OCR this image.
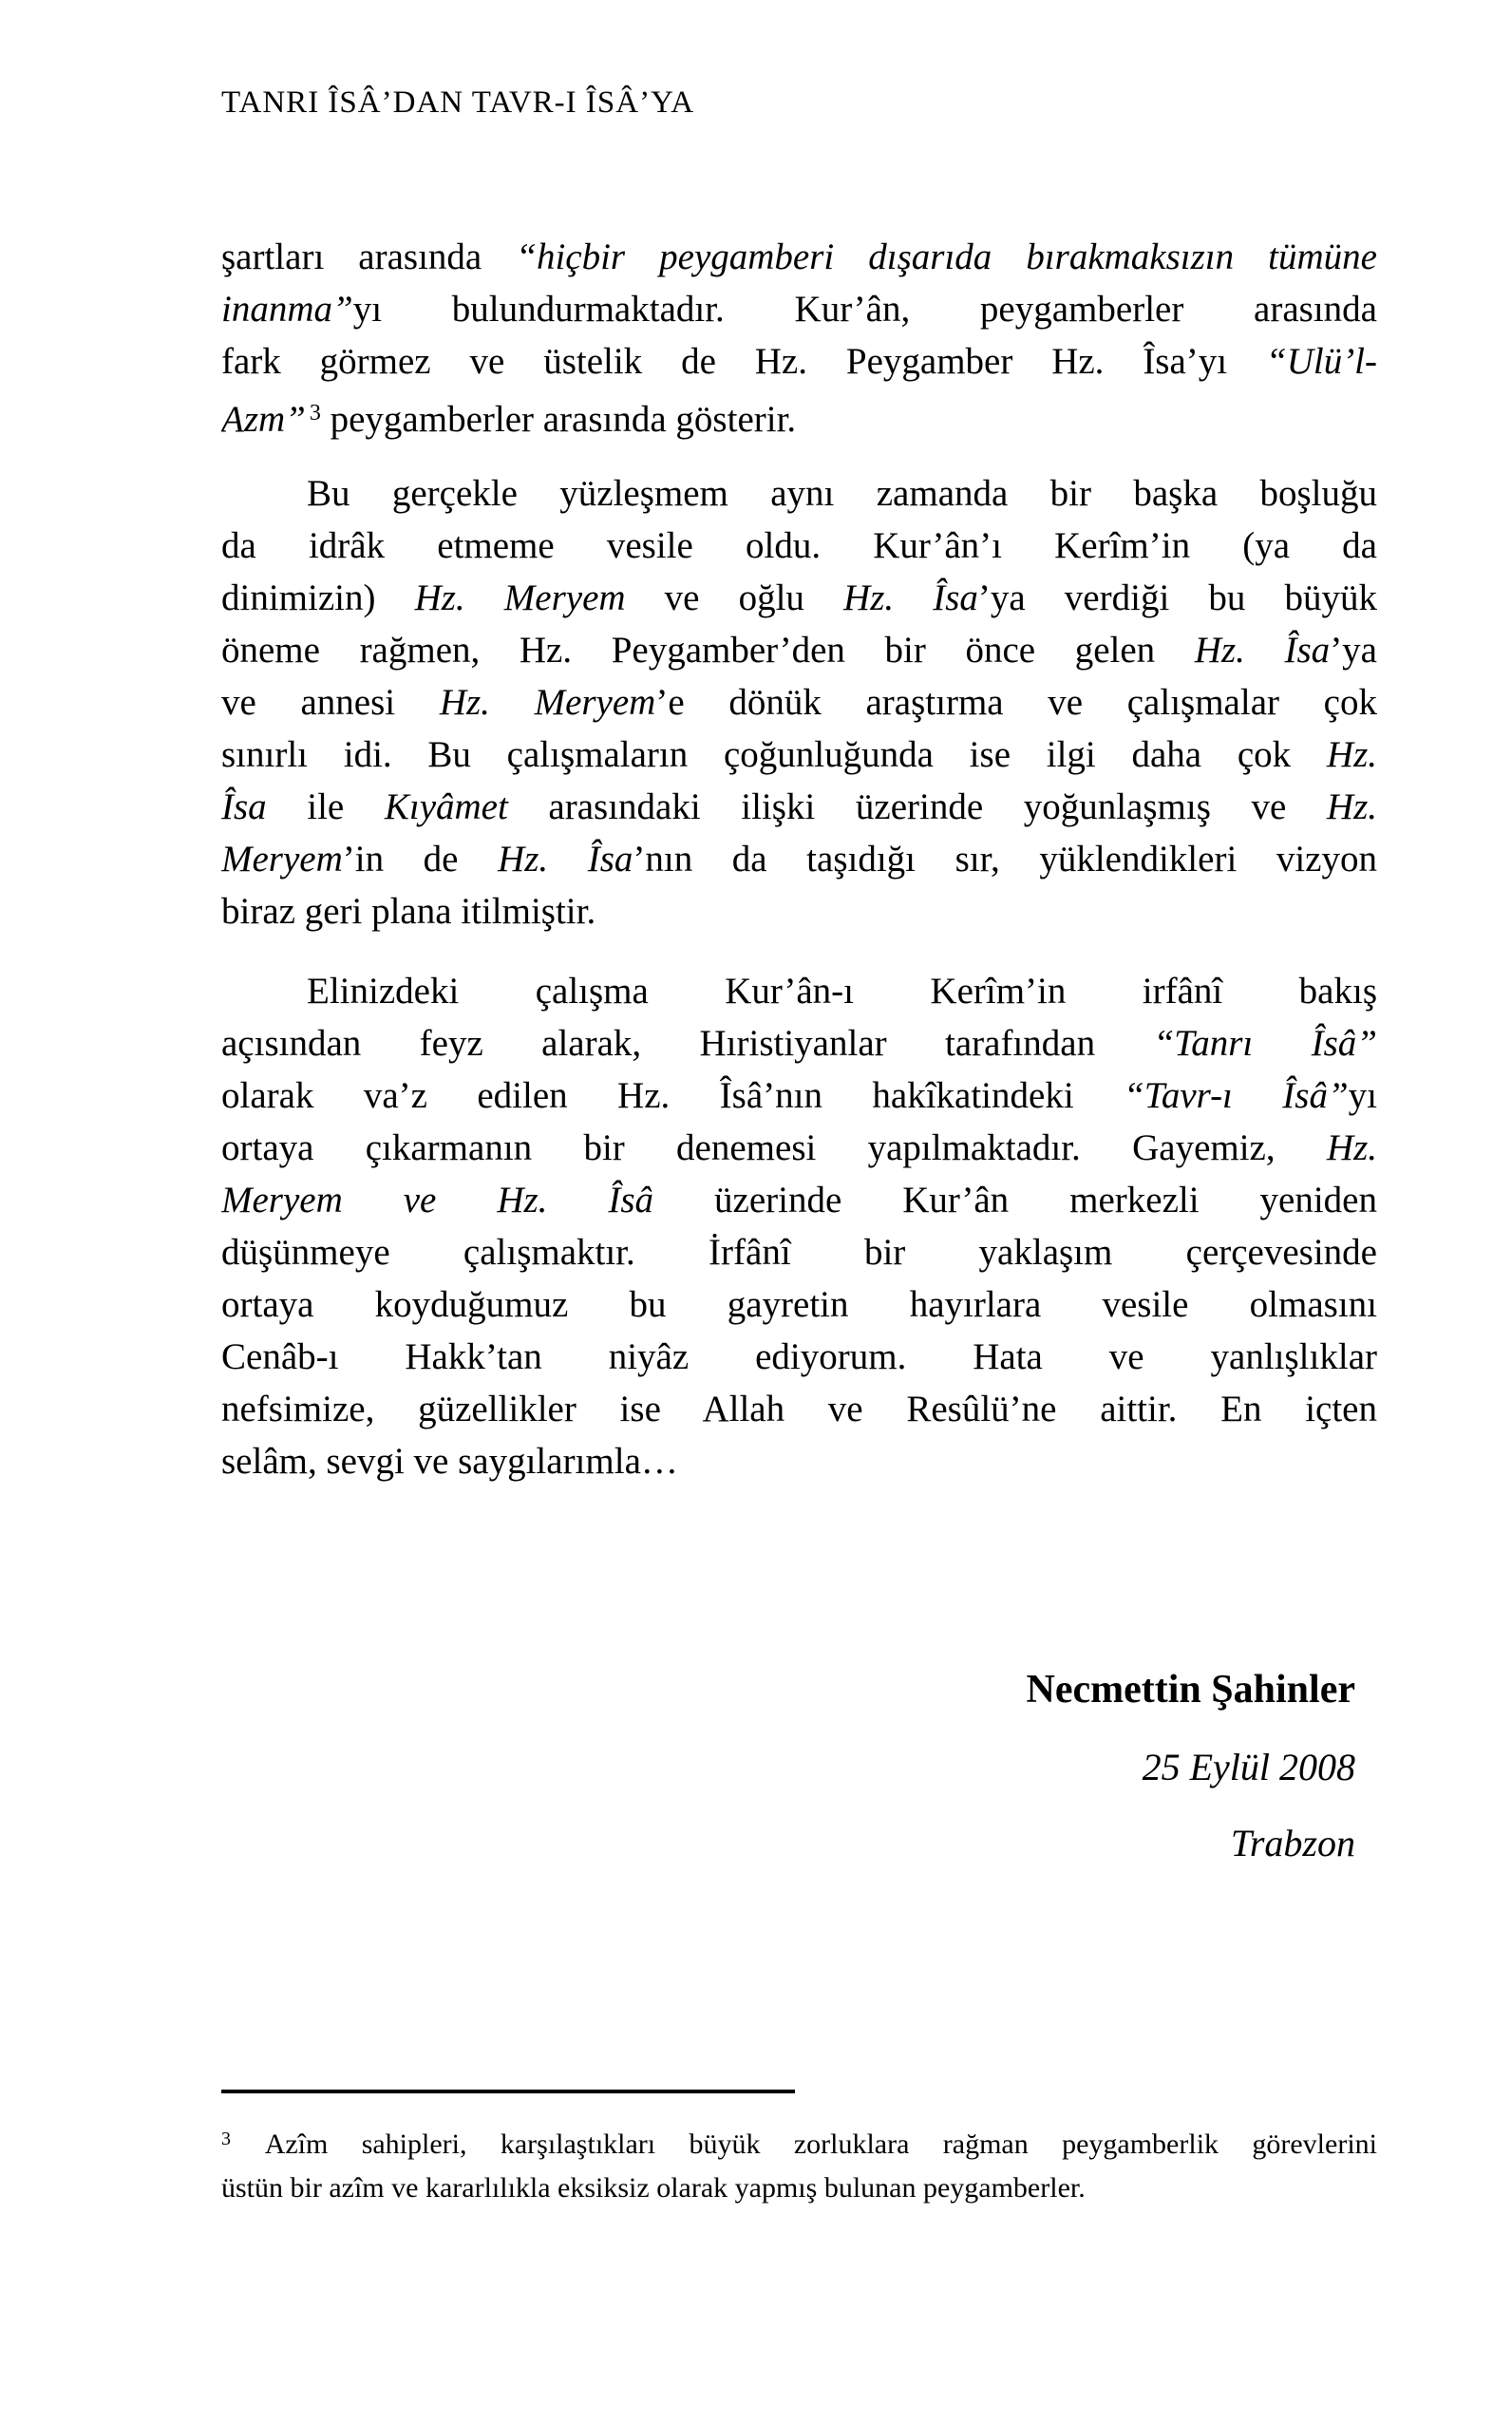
TANRI ÎSÂ’DAN TAVR-I ÎSÂ’YA
şartları arasında “hiçbir peygamberi dışarıda bırakmaksızın tümüne
inanma”yı bulundurmaktadır. Kur’ân, peygamberler arasında
fark görmez ve üstelik de Hz. Peygamber Hz. Îsa’yı “Ulü’l-
Azm” $^3$ peygamberler arasında gösterir.
Bu gerçekle yüzleşmem aynı zamanda bir başka boşluğu
da idrâk etmeme vesile oldu. Kur’ân’ı Kerîm’in (ya da
dinimizin) Hz. Meryem ve oğlu Hz. Îsa’ya verdiği bu büyük
öneme rağmen, Hz. Peygamber’den bir önce gelen Hz. Îsa’ya
ve annesi Hz. Meryem’e dönük araştırma ve çalışmalar çok
sınırlı idi. Bu çalışmaların çoğunluğunda ise ilgi daha çok Hz.
Îsa ile Kıyâmet arasındaki ilişki üzerinde yoğunlaşmış ve Hz.
Meryem’in de Hz. Îsa’nın da taşıdığı sır, yüklendikleri vizyon
biraz geri plana itilmiştir.
Elinizdeki çalışma Kur’ân-ı Kerîm’in irfânî bakış
açısından feyz alarak, Hıristiyanlar tarafından “Tanrı Îsâ”
olarak va’z edilen Hz. Îsâ’nın hakîkatindeki “Tavr-ı Îsâ”yı
ortaya çıkarmanın bir denemesi yapılmaktadır. Gayemiz, Hz.
Meryem ve Hz. Îsâ üzerinde Kur’ân merkezli yeniden
düşünmeye çalışmaktır. İrfânî bir yaklaşım çerçevesinde
ortaya koyduğumuz bu gayretin hayırlara vesile olmasını
Cenâb-ı Hakk’tan niyâz ediyorum. Hata ve yanlışlıklar
nefsimize, güzellikler ise Allah ve Resûlü’ne aittir. En içten
selâm, sevgi ve saygılarımla…
Necmettin Şahinler
25 Eylül 2008
Trabzon
$^3$ Azîm sahipleri, karşılaştıkları büyük zorluklara rağman peygamberlik görevlerini
üstün bir azîm ve kararlılıkla eksiksiz olarak yapmış bulunan peygamberler.
